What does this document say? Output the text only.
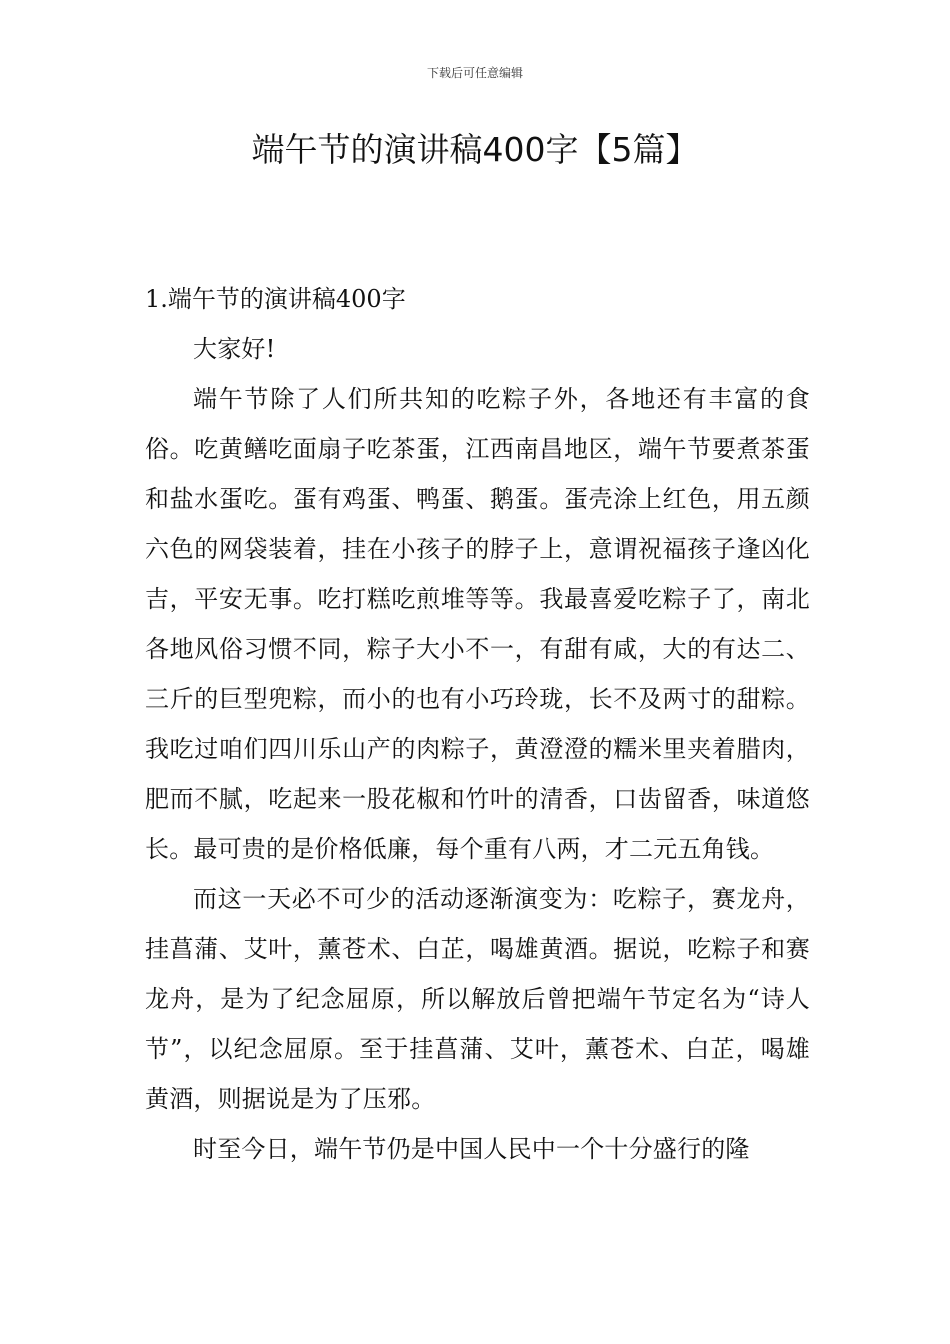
下载后可任意编辑
端午节的演讲稿400字【5篇】

1.端午节的演讲稿400字

大家好!

端午节除了人们所共知的吃粽子外，各地还有丰富的食俗。吃黄鳝吃面扇子吃茶蛋，江西南昌地区，端午节要煮茶蛋和盐水蛋吃。蛋有鸡蛋、鸭蛋、鹅蛋。蛋壳涂上红色，用五颜六色的网袋装着，挂在小孩子的脖子上，意谓祝福孩子逢凶化吉，平安无事。吃打糕吃煎堆等等。我最喜爱吃粽子了，南北各地风俗习惯不同，粽子大小不一，有甜有咸，大的有达二、三斤的巨型兜粽，而小的也有小巧玲珑，长不及两寸的甜粽。我吃过咱们四川乐山产的肉粽子，黄澄澄的糯米里夹着腊肉，肥而不腻，吃起来一股花椒和竹叶的清香，口齿留香，味道悠长。最可贵的是价格低廉，每个重有八两，才二元五角钱。

而这一天必不可少的活动逐渐演变为：吃粽子，赛龙舟，挂菖蒲、艾叶，薰苍术、白芷，喝雄黄酒。据说，吃粽子和赛龙舟，是为了纪念屈原，所以解放后曾把端午节定名为“诗人节”，以纪念屈原。至于挂菖蒲、艾叶，薰苍术、白芷，喝雄黄酒，则据说是为了压邪。

时至今日，端午节仍是中国人民中一个十分盛行的隆
